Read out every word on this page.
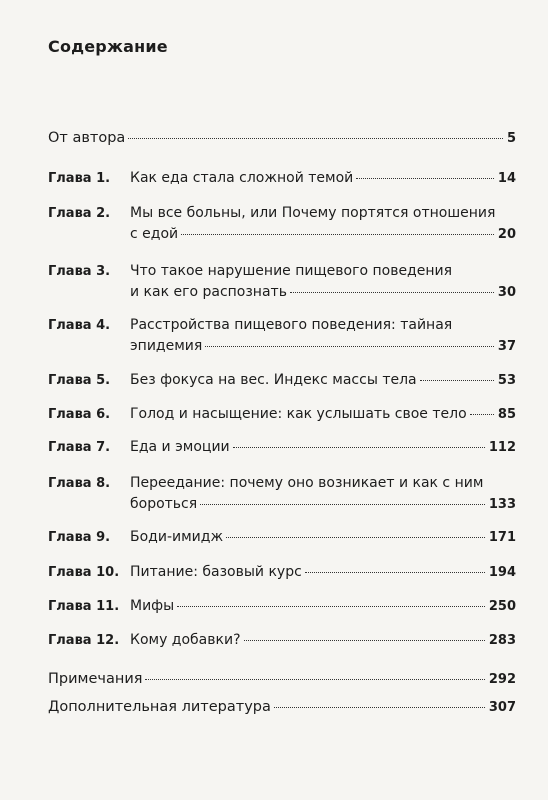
Содержание
От автора	5
Глава 1.	Как еда стала сложной темой	14
Глава 2.	Мы все больны, или Почему портятся отношения
с едой	20
Глава 3.	Что такое нарушение пищевого поведения
и как его распознать	30
Глава 4.	Расстройства пищевого поведения: тайная
эпидемия	37
Глава 5.	Без фокуса на вес. Индекс массы тела	53
Глава 6.	Голод и насыщение: как услышать свое тело 85
Глава 7.	Еда и эмоции	112
Глава 8.	Переедание: почему оно возникает и как с ним
бороться	133
Глава 9.	Боди-имидж	171
Глава 10. Питание: базовый курс	194
Глава 11. Мифы	250
Глава 12. Кому добавки?	283
Примечания	292
Дополнительная литература	307
